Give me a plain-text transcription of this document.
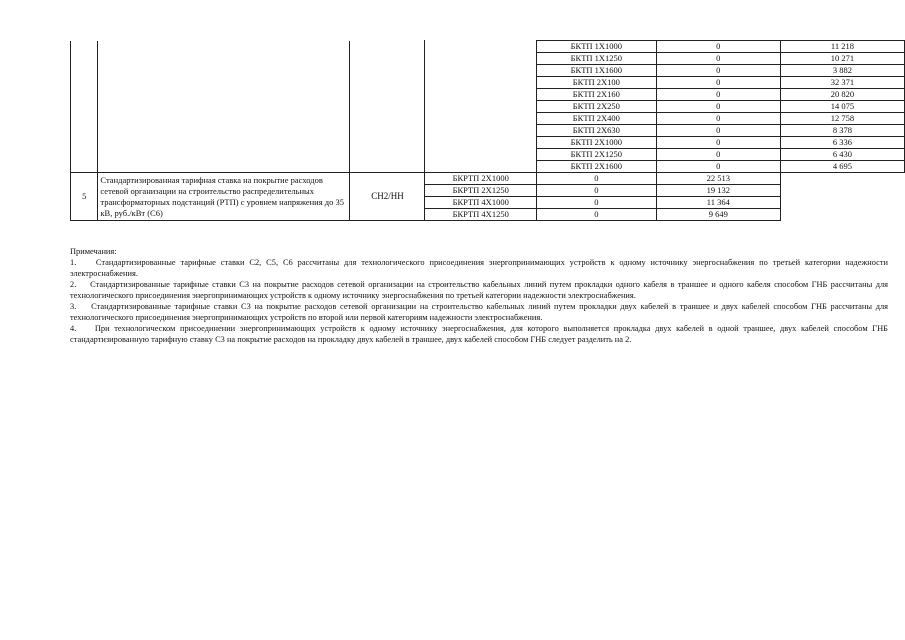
				БКТП 1Х1000	0	11 218
				БКТП 1Х1250	0	10 271
				БКТП 1Х1600	0	3 882
				БКТП 2Х100	0	32 371
				БКТП 2Х160	0	20 820
				БКТП 2Х250	0	14 075
				БКТП 2Х400	0	12 758
				БКТП 2Х630	0	8 378
				БКТП 2Х1000	0	6 336
				БКТП 2Х1250	0	6 430
				БКТП 2Х1600	0	4 695
5	Стандартизированная тарифная ставка на покрытие расходов сетевой организации на строительство распределительных трансформаторных подстанций (РТП) с уровнем напряжения до 35 кВ, руб./кВт (С6)	СН2/НН	БКРТП 2Х1000	0	22 513	
			БКРТП 2Х1250	0	19 132	
			БКРТП 4Х1000	0	11 364	
			БКРТП 4Х1250	0	9 649	

Примечания:

1.    Стандартизированные тарифные ставки С2, С5, С6 рассчитаны для технологического присоединения энергопринимающих устройств к одному источнику энергоснабжения по третьей категории надежности электроснабжения.

2.    Стандартизированные тарифные ставки С3 на покрытие расходов сетевой организации на строительство кабельных линий путем прокладки одного кабеля в траншее и одного кабеля способом ГНБ рассчитаны для технологического присоединения энергопринимающих устройств к одному источнику энергоснабжения по третьей категории надежности электроснабжения.

3.    Стандартизированные тарифные ставки С3 на покрытие расходов сетевой организации на строительство кабельных линий путем прокладки двух кабелей в траншее и двух кабелей способом ГНБ рассчитаны для технологического присоединения энергопринимающих устройств по второй или первой категориям надежности электроснабжения.

4.    При технологическом присоединении энергопринимающих устройств к одному источнику энергоснабжения, для которого выполняется прокладка двух кабелей в одной траншее, двух кабелей способом ГНБ стандартизированную тарифную ставку С3 на покрытие расходов на прокладку двух кабелей в траншее, двух кабелей способом ГНБ следует разделить на 2.
